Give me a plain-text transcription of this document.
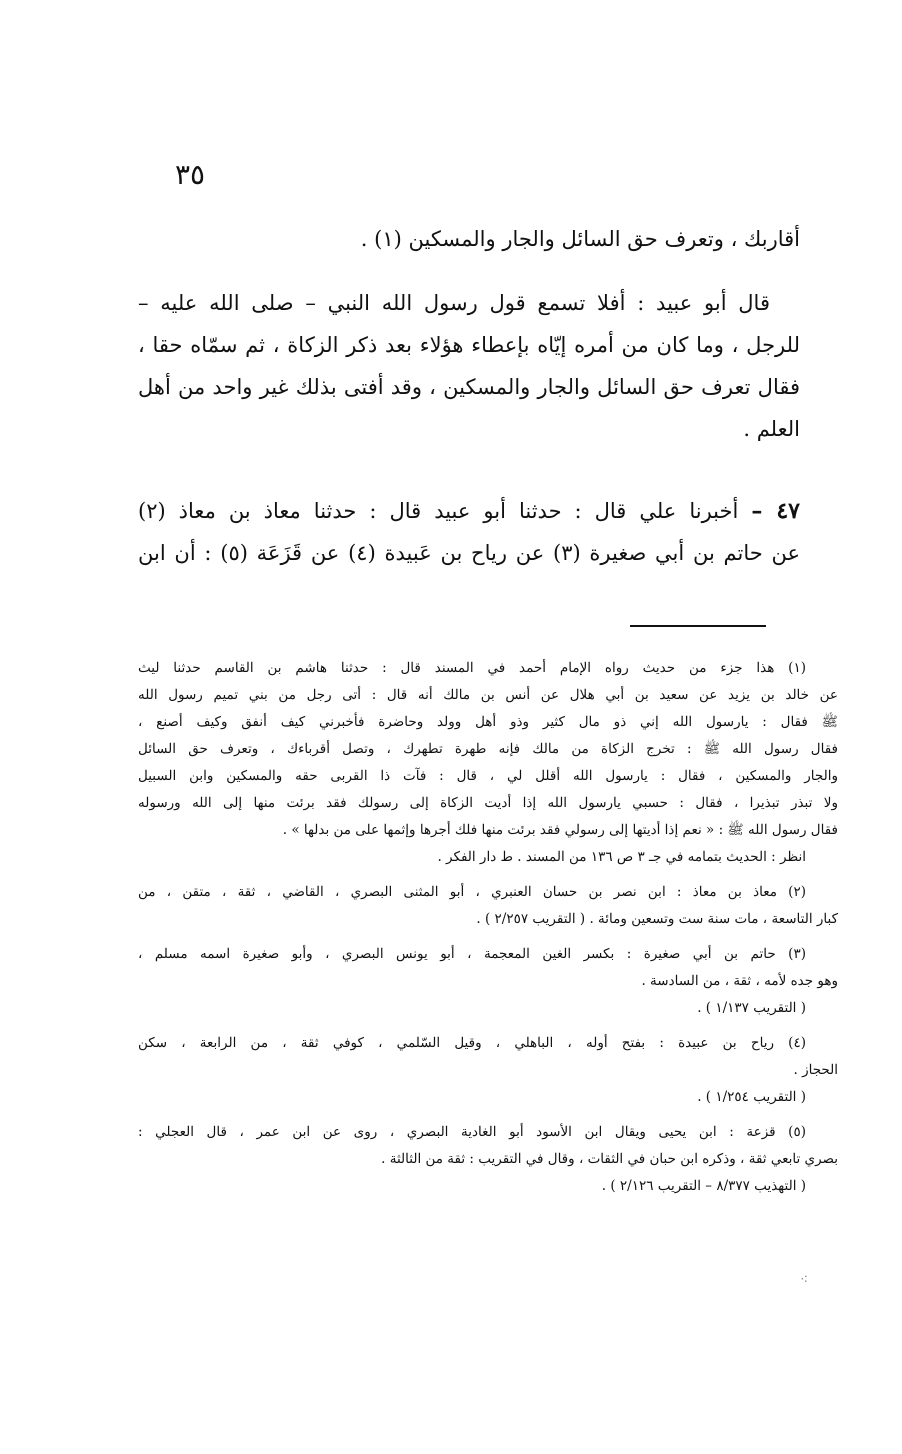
٣٥
أقاربك ، وتعرف حق السائل والجار والمسكين (١) .
قال أبو عبيد : أفلا تسمع قول رسول الله النبي – صلى الله عليه –
للرجل ، وما كان من أمره إيّاه بإعطاء هؤلاء بعد ذكر الزكاة ، ثم سمّاه حقا ،
فقال تعرف حق السائل والجار والمسكين ، وقد أفتى بذلك غير واحد من أهل
العلم .
٤٧ – أخبرنا علي قال : حدثنا أبو عبيد قال : حدثنا معاذ بن معاذ (٢)
عن حاتم بن أبي صغيرة (٣) عن رياح بن عَبيدة (٤) عن قَزَعَة (٥) : أن ابن
(١) هذا جزء من حديث رواه الإمام أحمد في المسند قال : حدثنا هاشم بن القاسم حدثنا ليث
عن خالد بن يزيد عن سعيد بن أبي هلال عن أنس بن مالك أنه قال : أتى رجل من بني تميم رسول الله
ﷺ فقال : يارسول الله إني ذو مال كثير وذو أهل وولد وحاضرة فأخبرني كيف أنفق وكيف أصنع ،
فقال رسول الله ﷺ : تخرج الزكاة من مالك فإنه طهرة تطهرك ، وتصل أقرباءك ، وتعرف حق السائل
والجار والمسكين ، فقال : يارسول الله أقلل لي ، قال : فآت ذا القربى حقه والمسكين وابن السبيل
ولا تبذر تبذيرا ، فقال : حسبي يارسول الله إذا أديت الزكاة إلى رسولك فقد برئت منها إلى الله ورسوله
فقال رسول الله ﷺ : « نعم إذا أديتها إلى رسولي فقد برئت منها فلك أجرها وإثمها على من بدلها » .
انظر : الحديث بتمامه في جـ ٣ ص ١٣٦ من المسند . ط دار الفكر .
(٢) معاذ بن معاذ : ابن نصر بن حسان العنبري ، أبو المثنى البصري ، القاضي ، ثقة ، متقن ، من
كبار التاسعة ، مات سنة ست وتسعين ومائة . ( التقريب ٢/٢٥٧ ) .
(٣) حاتم بن أبي صغيرة : بكسر الغين المعجمة ، أبو يونس البصري ، وأبو صغيرة اسمه مسلم ،
وهو جده لأمه ، ثقة ، من السادسة .
( التقريب ١/١٣٧ ) .
(٤) رياح بن عبيدة : بفتح أوله ، الباهلي ، وقيل السّلمي ، كوفي ثقة ، من الرابعة ، سكن
الحجاز .
( التقريب ١/٢٥٤ ) .
(٥) قزعة : ابن يحيى ويقال ابن الأسود أبو الغادية البصري ، روى عن ابن عمر ، قال العجلي :
بصري تابعي ثقة ، وذكره ابن حبان في الثقات ، وقال في التقريب : ثقة من الثالثة .
( التهذيب ٨/٣٧٧ – التقريب ٢/١٢٦ ) .
⁖
